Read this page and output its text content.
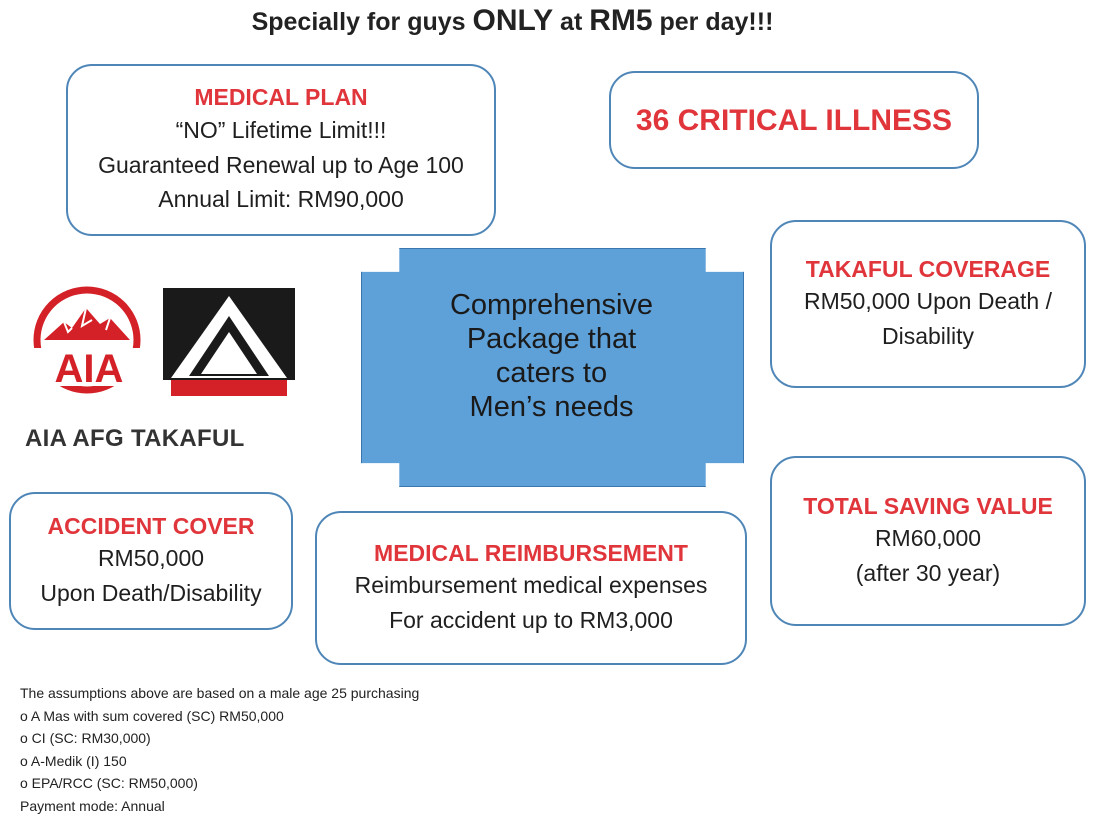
Specially for guys ONLY at RM5 per day!!!
MEDICAL PLAN
“NO” Lifetime Limit!!!
Guaranteed Renewal up to Age 100
Annual Limit: RM90,000
36 CRITICAL ILLNESS
TAKAFUL COVERAGE
RM50,000 Upon Death /
Disability
Comprehensive
Package that
caters to
Men’s needs
AIA
AIA AFG TAKAFUL
ACCIDENT COVER
RM50,000
Upon Death/Disability
MEDICAL REIMBURSEMENT
Reimbursement medical expenses
For accident up to RM3,000
TOTAL SAVING VALUE
RM60,000
(after 30 year)
The assumptions above are based on a male age 25 purchasing
o A Mas with sum covered (SC) RM50,000
o CI (SC: RM30,000)
o A-Medik (I) 150
o EPA/RCC (SC: RM50,000)
Payment mode: Annual
